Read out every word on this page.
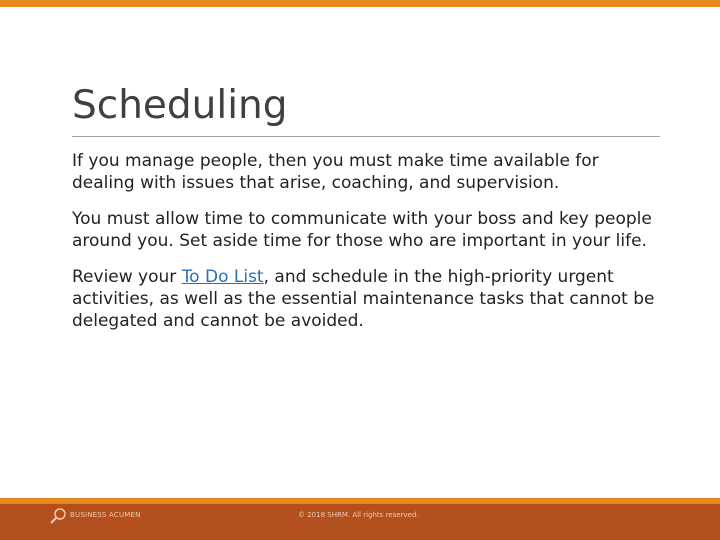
Scheduling

If you manage people, then you must make time available for dealing with issues that arise, coaching, and supervision.

You must allow time to communicate with your boss and key people around you. Set aside time for those who are important in your life.

Review your To Do List, and schedule in the high-priority urgent activities, as well as the essential maintenance tasks that cannot be delegated and cannot be avoided.

BUSINESS ACUMEN	© 2018 SHRM. All rights reserved.
